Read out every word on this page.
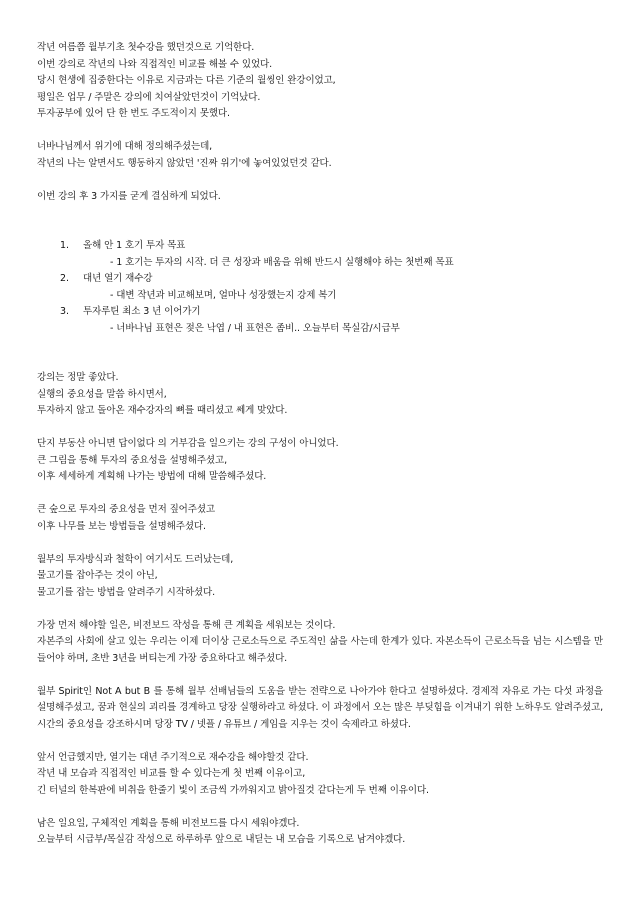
작년 여름쯤 월부기초 첫수강을 했던것으로 기억한다.
이번 강의로 작년의 나와 직접적인 비교를 해볼 수 있었다.
당시 현생에 집중한다는 이유로 지금과는 다른 기준의 월씽인 완강이었고,
평일은 업무 / 주말은 강의에 치여살았던것이 기억났다.
투자공부에 있어 단 한 번도 주도적이지 못했다.
너바나님께서 위기에 대해 정의해주셨는데,
작년의 나는 알면서도 행동하지 않았던 '진짜 위기'에 놓여있었던것 같다.
이번 강의 후 3 가지를 굳게 결심하게 되었다.
1. 올해 안 1 호기 투자 목표
- 1 호기는 투자의 시작. 더 큰 성장과 배움을 위해 반드시 실행해야 하는 첫번째 목표
2. 대년 열기 재수강
- 대변 작년과 비교해보며, 얼마나 성장했는지 강제 복기
3. 투자루틴 최소 3 년 이어가기
- 너바나님 표현은 젖은 낙엽 / 내 표현은 좀비.. 오늘부터 목실감/시급부
강의는 정말 좋았다.
실행의 중요성을 말씀 하시면서,
투자하지 않고 돌아온 재수강자의 뼈를 때리셨고 쎄게 맞았다.
단지 부동산 아니면 답이없다 의 거부감을 일으키는 강의 구성이 아니었다.
큰 그림을 통해 투자의 중요성을 설명해주셨고,
이후 세세하게 계획해 나가는 방법에 대해 말씀해주셨다.
큰 숲으로 투자의 중요성을 먼저 짚어주셨고
이후 나무를 보는 방법들을 설명해주셨다.
월부의 투자방식과 철학이 여기서도 드러났는데,
물고기를 잡아주는 것이 아닌,
물고기를 잡는 방법을 알려주기 시작하셨다.
가장 먼저 해야할 일은, 비전보드 작성을 통해 큰 계획을 세워보는 것이다.
자본주의 사회에 살고 있는 우리는 이제 더이상 근로소득으로 주도적인 삶을 사는데 한계가 있다. 자본소득이 근로소득을 넘는 시스템을 만들어야 하며, 초반 3년을 버티는게 가장 중요하다고 해주셨다.
월부 Spirit인 Not A but B 를 통해 월부 선배님들의 도움을 받는 전략으로 나아가야 한다고 설명하셨다. 경제적 자유로 가는 다섯 과정을 설명해주셨고, 꿈과 현실의 괴리를 경계하고 당장 실행하라고 하셨다. 이 과정에서 오는 많은 부딪힘을 이겨내기 위한 노하우도 알려주셨고, 시간의 중요성을 강조하시며 당장 TV / 넷플 / 유튜브 / 게임을 지우는 것이 숙제라고 하셨다.
앞서 언급했지만, 열기는 대년 주기적으로 재수강을 해야할것 같다.
작년 내 모습과 직접적인 비교를 할 수 있다는게 첫 번째 이유이고,
긴 터널의 한복판에 비취을 한줄기 빛이 조금씩 가까워지고 밝아질것 같다는게 두 번째 이유이다.
남은 일요일, 구체적인 계획을 통해 비전보드를 다시 세워야겠다.
오늘부터 시급부/목실감 작성으로 하루하루 앞으로 내딛는 내 모습을 기록으로 남겨야겠다.
